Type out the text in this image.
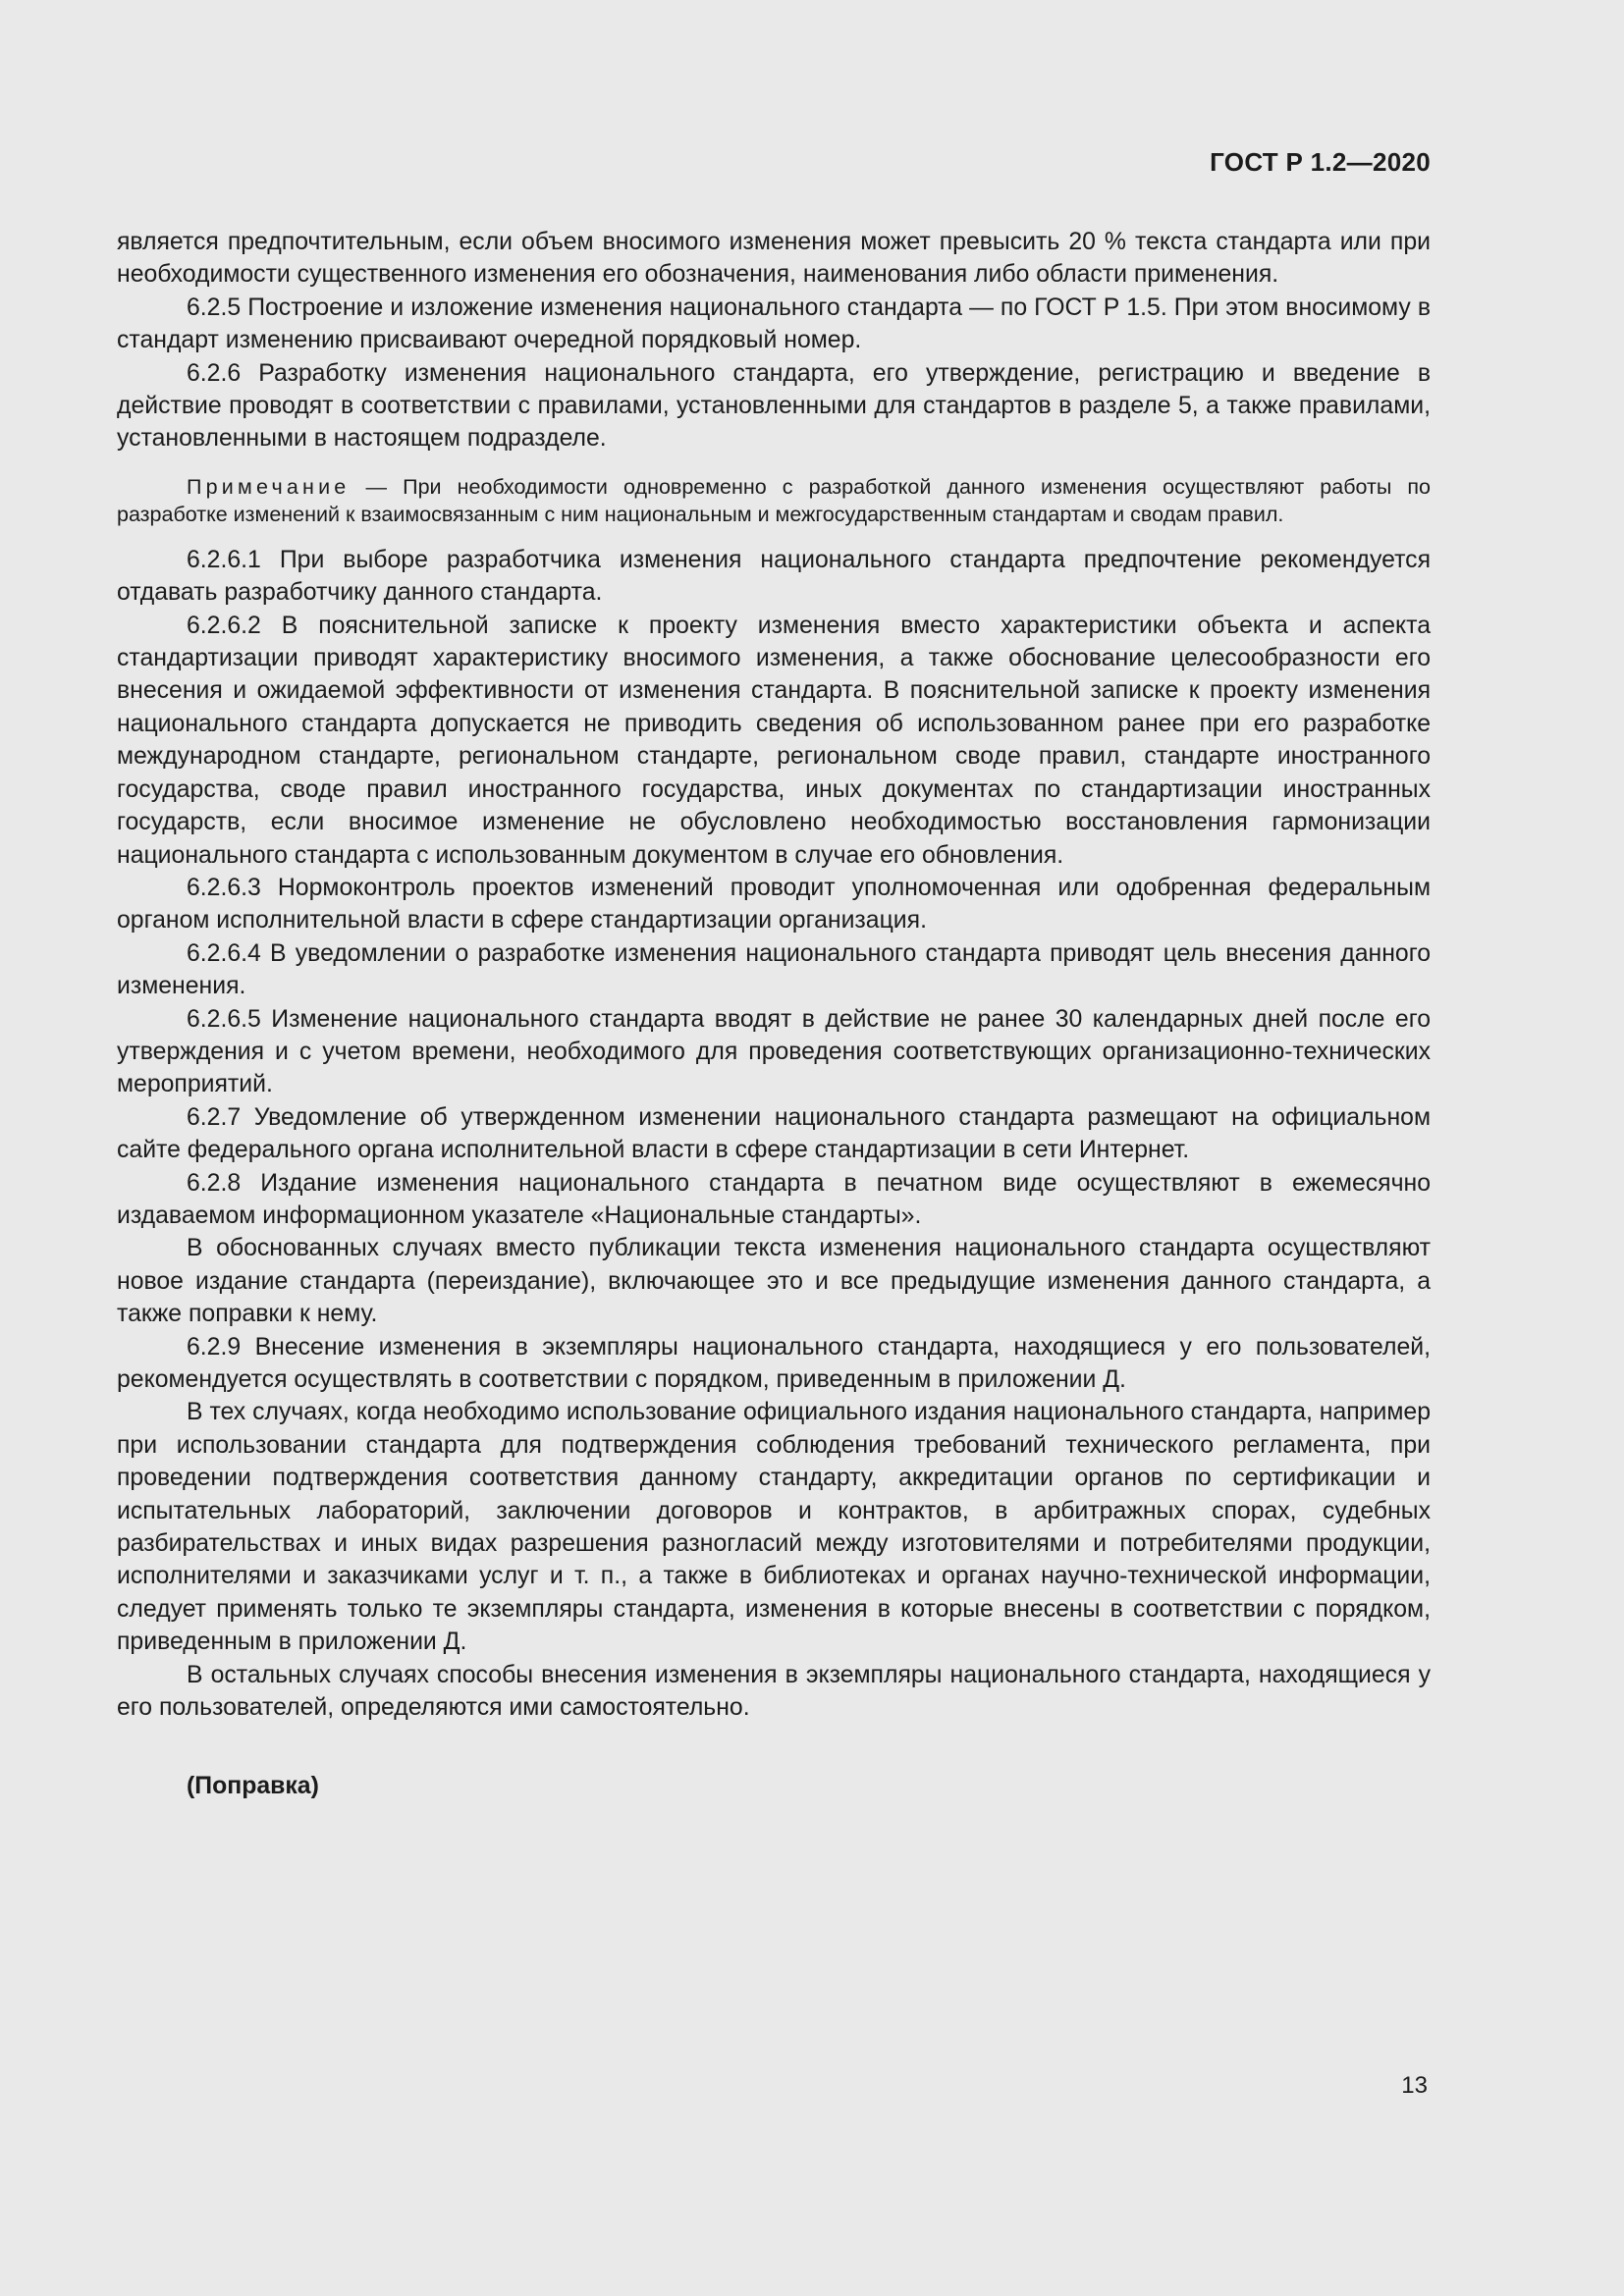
ГОСТ Р 1.2—2020

является предпочтительным, если объем вносимого изменения может превысить 20 % текста стандарта или при необходимости существенного изменения его обозначения, наименования либо области применения.

6.2.5 Построение и изложение изменения национального стандарта — по ГОСТ Р 1.5. При этом вносимому в стандарт изменению присваивают очередной порядковый номер.

6.2.6 Разработку изменения национального стандарта, его утверждение, регистрацию и введение в действие проводят в соответствии с правилами, установленными для стандартов в разделе 5, а также правилами, установленными в настоящем подразделе.

Примечание — При необходимости одновременно с разработкой данного изменения осуществляют работы по разработке изменений к взаимосвязанным с ним национальным и межгосударственным стандартам и сводам правил.

6.2.6.1 При выборе разработчика изменения национального стандарта предпочтение рекомендуется отдавать разработчику данного стандарта.

6.2.6.2 В пояснительной записке к проекту изменения вместо характеристики объекта и аспекта стандартизации приводят характеристику вносимого изменения, а также обоснование целесообразности его внесения и ожидаемой эффективности от изменения стандарта. В пояснительной записке к проекту изменения национального стандарта допускается не приводить сведения об использованном ранее при его разработке международном стандарте, региональном стандарте, региональном своде правил, стандарте иностранного государства, своде правил иностранного государства, иных документах по стандартизации иностранных государств, если вносимое изменение не обусловлено необходимостью восстановления гармонизации национального стандарта с использованным документом в случае его обновления.

6.2.6.3 Нормоконтроль проектов изменений проводит уполномоченная или одобренная федеральным органом исполнительной власти в сфере стандартизации организация.

6.2.6.4 В уведомлении о разработке изменения национального стандарта приводят цель внесения данного изменения.

6.2.6.5 Изменение национального стандарта вводят в действие не ранее 30 календарных дней после его утверждения и с учетом времени, необходимого для проведения соответствующих организационно-технических мероприятий.

6.2.7 Уведомление об утвержденном изменении национального стандарта размещают на официальном сайте федерального органа исполнительной власти в сфере стандартизации в сети Интернет.

6.2.8 Издание изменения национального стандарта в печатном виде осуществляют в ежемесячно издаваемом информационном указателе «Национальные стандарты».

В обоснованных случаях вместо публикации текста изменения национального стандарта осуществляют новое издание стандарта (переиздание), включающее это и все предыдущие изменения данного стандарта, а также поправки к нему.

6.2.9 Внесение изменения в экземпляры национального стандарта, находящиеся у его пользователей, рекомендуется осуществлять в соответствии с порядком, приведенным в приложении Д.

В тех случаях, когда необходимо использование официального издания национального стандарта, например при использовании стандарта для подтверждения соблюдения требований технического регламента, при проведении подтверждения соответствия данному стандарту, аккредитации органов по сертификации и испытательных лабораторий, заключении договоров и контрактов, в арбитражных спорах, судебных разбирательствах и иных видах разрешения разногласий между изготовителями и потребителями продукции, исполнителями и заказчиками услуг и т. п., а также в библиотеках и органах научно-технической информации, следует применять только те экземпляры стандарта, изменения в которые внесены в соответствии с порядком, приведенным в приложении Д.

В остальных случаях способы внесения изменения в экземпляры национального стандарта, находящиеся у его пользователей, определяются ими самостоятельно.

(Поправка)

13
